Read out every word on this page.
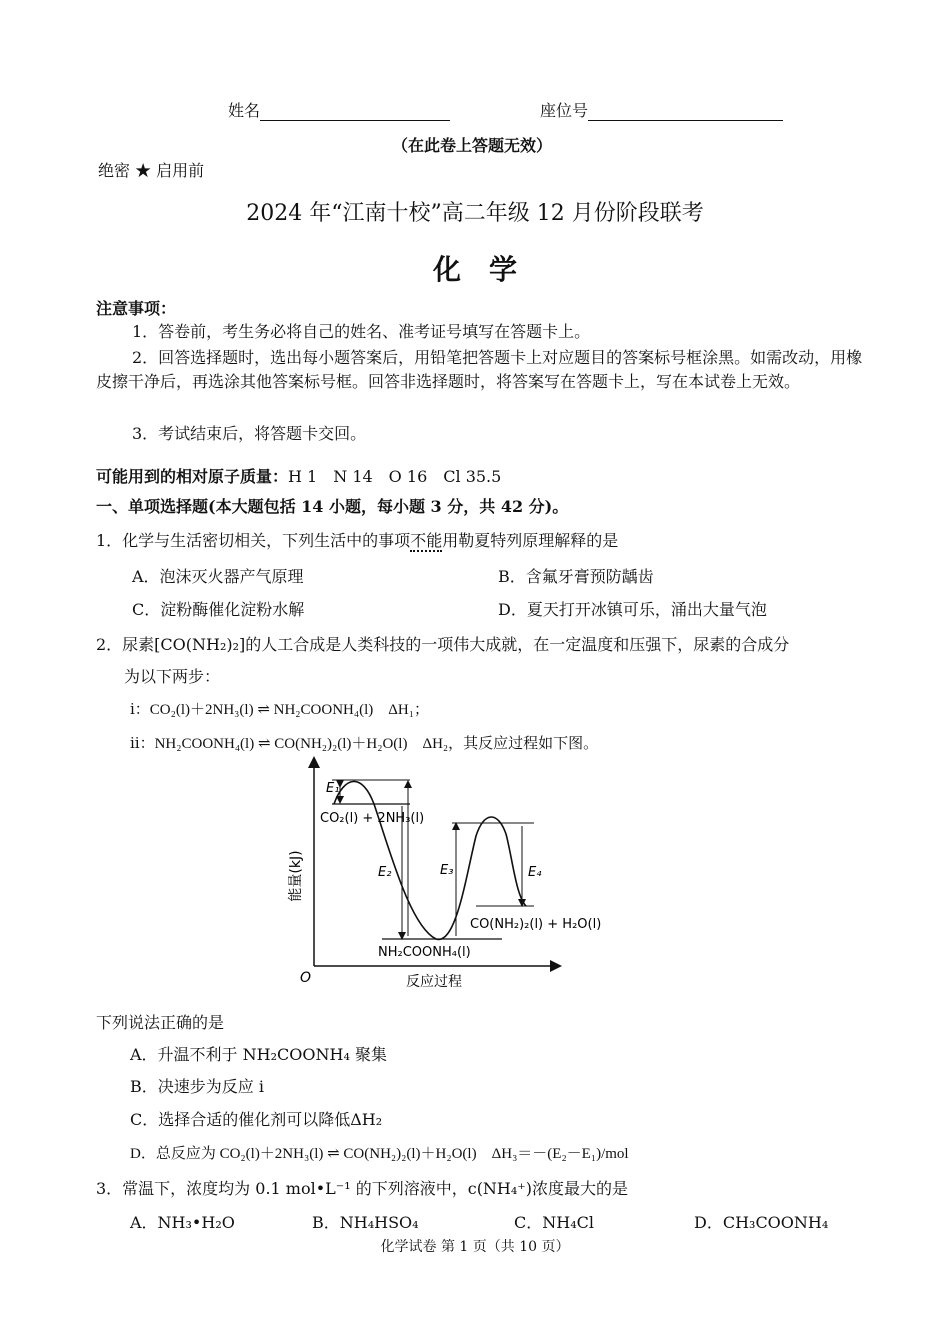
姓名	座位号
（在此卷上答题无效）
绝密 ★ 启用前
2024 年“江南十校”高二年级 12 月份阶段联考
化　学
注意事项：
1．答卷前，考生务必将自己的姓名、准考证号填写在答题卡上。
2．回答选择题时，选出每小题答案后，用铅笔把答题卡上对应题目的答案标号框涂黑。如需改动，用橡皮擦干净后，再选涂其他答案标号框。回答非选择题时，将答案写在答题卡上，写在本试卷上无效。
3．考试结束后，将答题卡交回。
可能用到的相对原子质量：H 1　N 14　O 16　Cl 35.5
一、单项选择题(本大题包括 14 小题，每小题 3 分，共 42 分)。
1．化学与生活密切相关，下列生活中的事项不能用勒夏特列原理解释的是
A．泡沫灭火器产气原理	B．含氟牙膏预防龋齿
C．淀粉酶催化淀粉水解	D．夏天打开冰镇可乐，涌出大量气泡
2．尿素[CO(NH₂)₂]的人工合成是人类科技的一项伟大成就，在一定温度和压强下，尿素的合成分
为以下两步：
ⅰ：CO₂(l)＋2NH₃(l) ⇌ NH₂COONH₄(l)　ΔH₁；
ⅱ：NH₂COONH₄(l) ⇌ CO(NH₂)₂(l)＋H₂O(l)　ΔH₂，其反应过程如下图。
E₁
CO₂(l) + 2NH₃(l)
E₂	E₃	E₄
CO(NH₂)₂(l) + H₂O(l)
NH₂COONH₄(l)
O	反应过程
能量(kJ)
下列说法正确的是
A．升温不利于 NH₂COONH₄ 聚集
B．决速步为反应 ⅰ
C．选择合适的催化剂可以降低ΔH₂
D．总反应为 CO₂(l)＋2NH₃(l) ⇌ CO(NH₂)₂(l)＋H₂O(l)　ΔH₃＝－(E₂－E₁)/mol
3．常温下，浓度均为 0.1 mol•L⁻¹ 的下列溶液中，c(NH₄⁺)浓度最大的是
A．NH₃•H₂O	B．NH₄HSO₄	C．NH₄Cl	D．CH₃COONH₄
化学试卷 第 1 页（共 10 页）
